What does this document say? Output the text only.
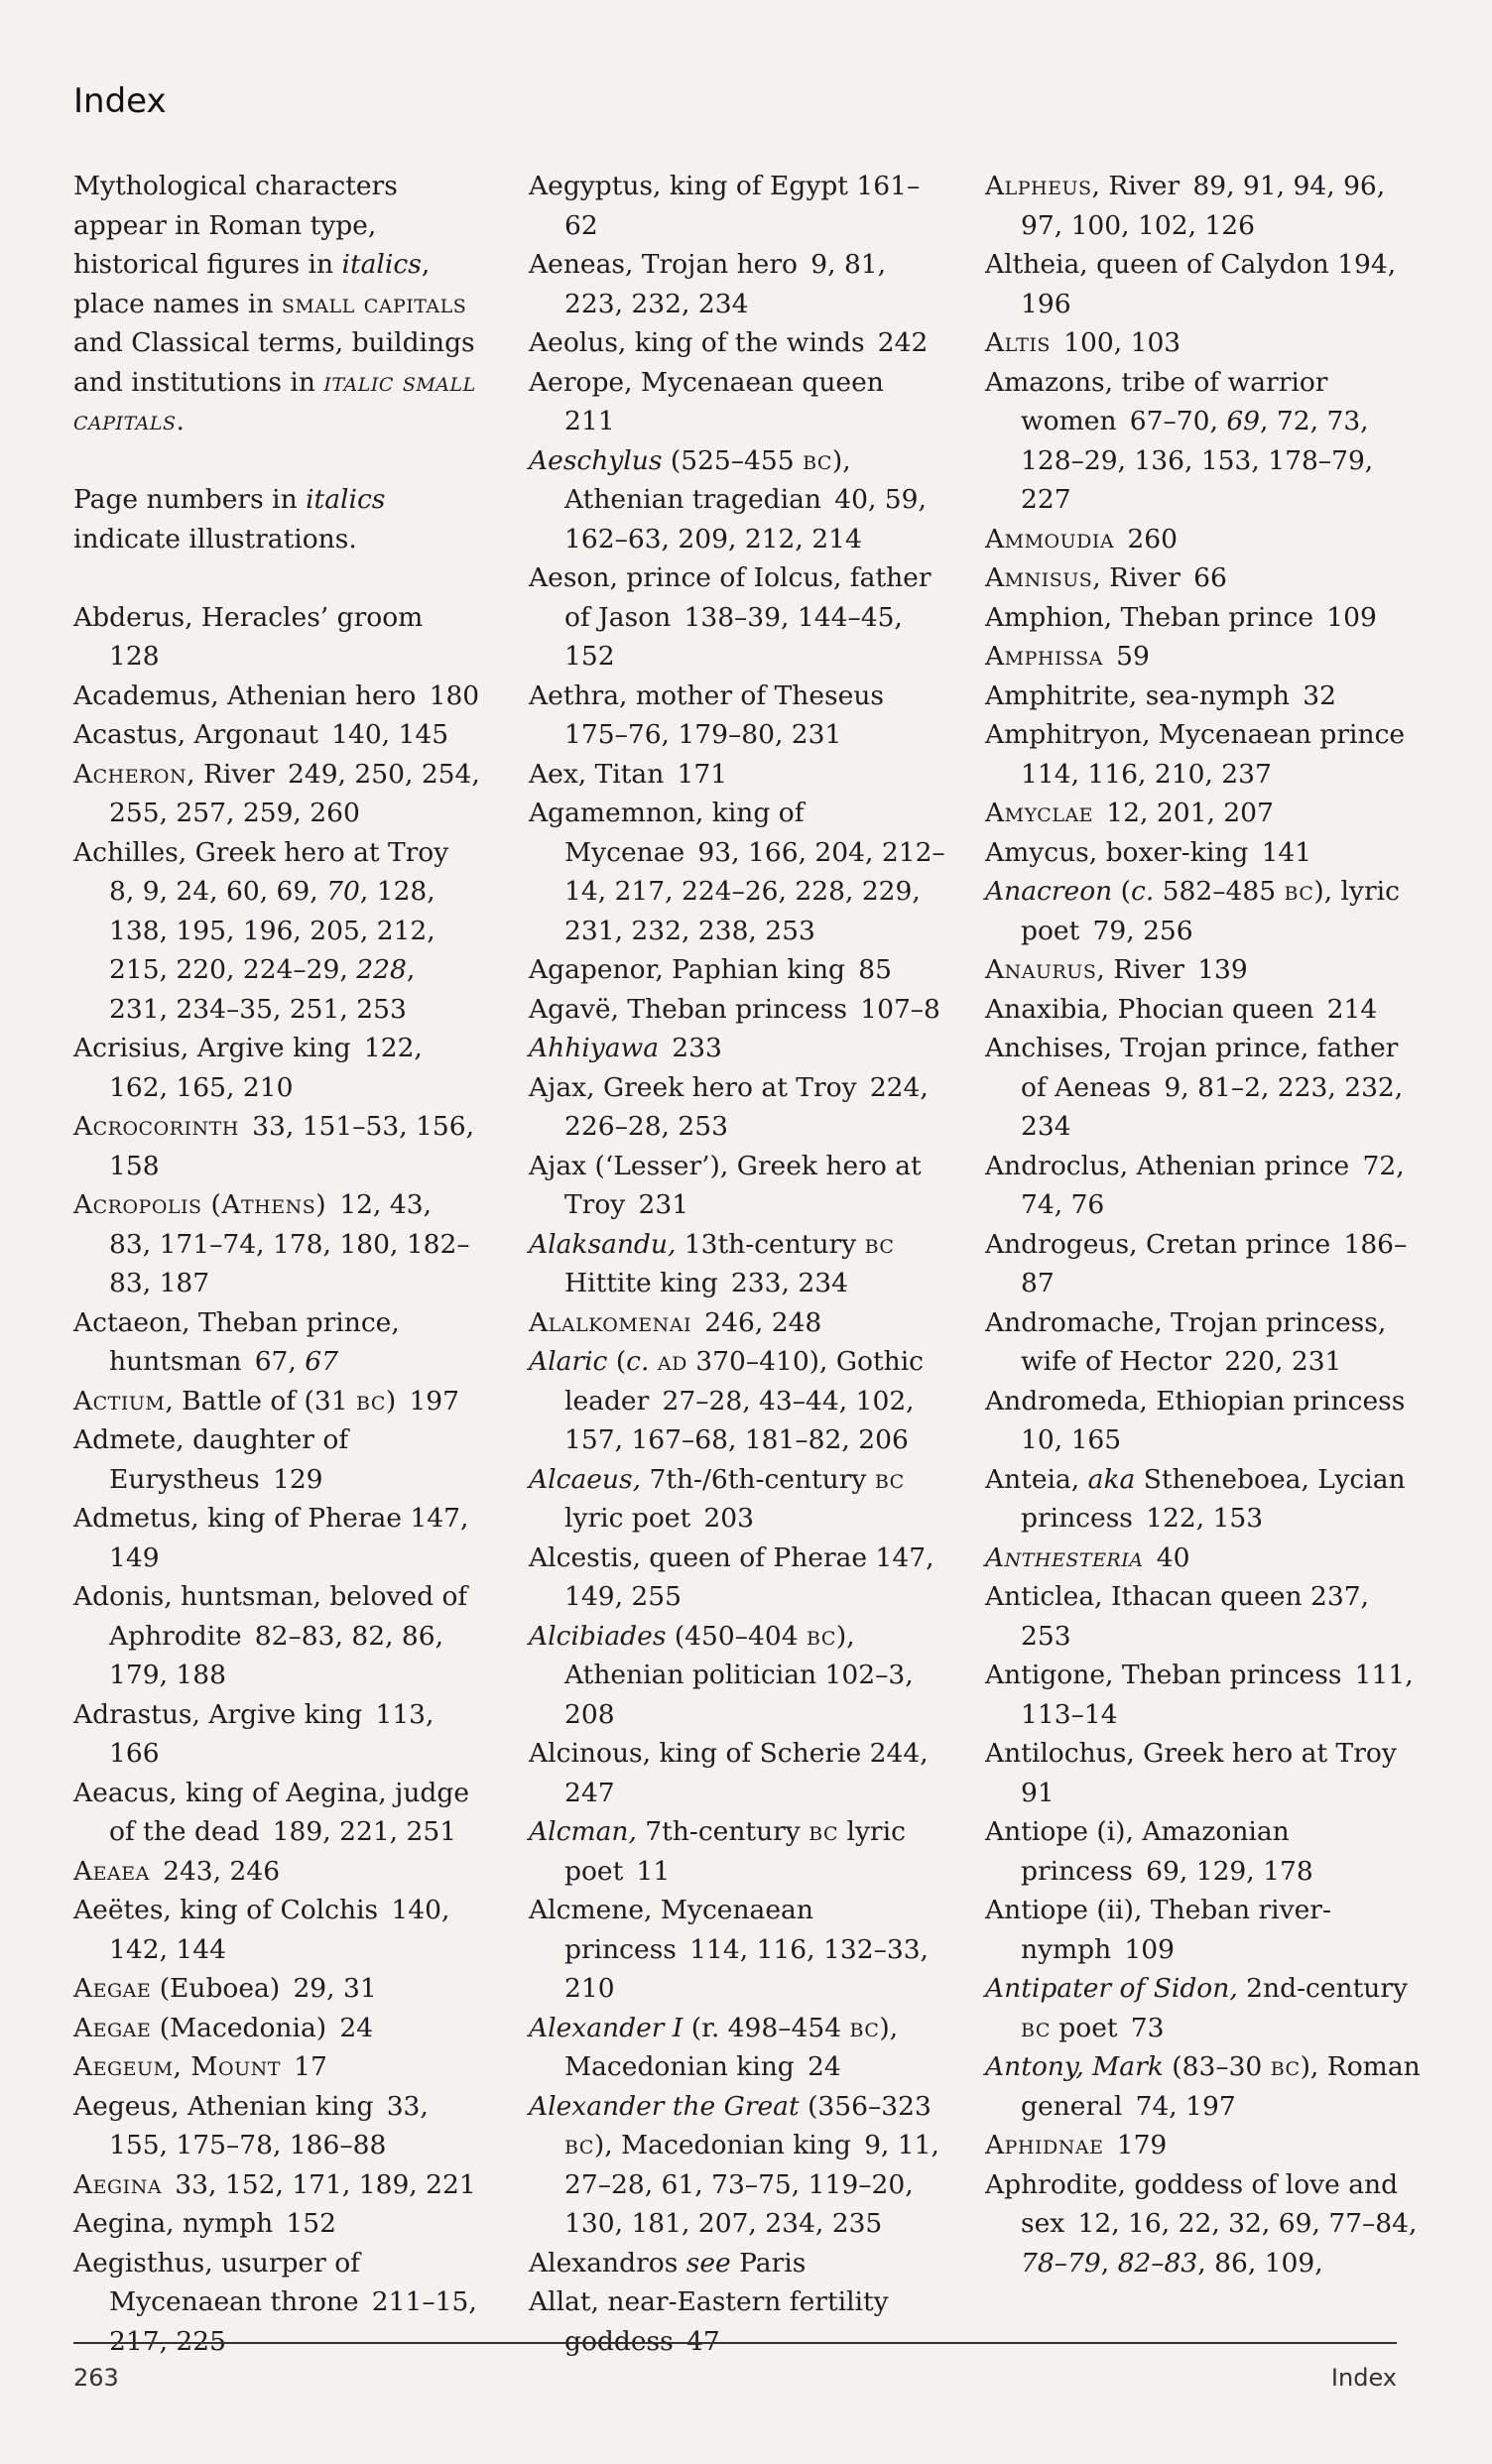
Index

Mythological characters appear in Roman type, historical figures in italics, place names in small capitals and Classical terms, buildings and institutions in italic small capitals.

Page numbers in italics indicate illustrations.

Abderus, Heracles’ groom 128
Academus, Athenian hero 180
Acastus, Argonaut 140, 145
Acheron, River 249, 250, 254, 255, 257, 259, 260
Achilles, Greek hero at Troy 8, 9, 24, 60, 69, 70, 128, 138, 195, 196, 205, 212, 215, 220, 224–29, 228, 231, 234–35, 251, 253
Acrisius, Argive king 122, 162, 165, 210
Acrocorinth 33, 151–53, 156, 158
Acropolis (Athens) 12, 43, 83, 171–74, 178, 180, 182–83, 187
Actaeon, Theban prince, huntsman 67, 67
Actium, Battle of (31 bc) 197
Admete, daughter of Eurystheus 129
Admetus, king of Pherae 147, 149
Adonis, huntsman, beloved of Aphrodite 82–83, 82, 86, 179, 188
Adrastus, Argive king 113, 166
Aeacus, king of Aegina, judge of the dead 189, 221, 251
Aeaea 243, 246
Aeëtes, king of Colchis 140, 142, 144
Aegae (Euboea) 29, 31
Aegae (Macedonia) 24
Aegeum, Mount 17
Aegeus, Athenian king 33, 155, 175–78, 186–88
Aegina 33, 152, 171, 189, 221
Aegina, nymph 152
Aegisthus, usurper of Mycenaean throne 211–15, 217, 225
Aegyptus, king of Egypt 161–62
Aeneas, Trojan hero 9, 81, 223, 232, 234
Aeolus, king of the winds 242
Aerope, Mycenaean queen 211
Aeschylus (525–455 bc), Athenian tragedian 40, 59, 162–63, 209, 212, 214
Aeson, prince of Iolcus, father of Jason 138–39, 144–45, 152
Aethra, mother of Theseus 175–76, 179–80, 231
Aex, Titan 171
Agamemnon, king of Mycenae 93, 166, 204, 212–14, 217, 224–26, 228, 229, 231, 232, 238, 253
Agapenor, Paphian king 85
Agavë, Theban princess 107–8
Ahhiyawa 233
Ajax, Greek hero at Troy 224, 226–28, 253
Ajax (‘Lesser’), Greek hero at Troy 231
Alaksandu, 13th-century bc Hittite king 233, 234
Alalkomenai 246, 248
Alaric (c. ad 370–410), Gothic leader 27–28, 43–44, 102, 157, 167–68, 181–82, 206
Alcaeus, 7th-/6th-century bc lyric poet 203
Alcestis, queen of Pherae 147, 149, 255
Alcibiades (450–404 bc), Athenian politician 102–3, 208
Alcinous, king of Scherie 244, 247
Alcman, 7th-century bc lyric poet 11
Alcmene, Mycenaean princess 114, 116, 132–33, 210
Alexander I (r. 498–454 bc), Macedonian king 24
Alexander the Great (356–323 bc), Macedonian king 9, 11, 27–28, 61, 73–75, 119–20, 130, 181, 207, 234, 235
Alexandros see Paris
Allat, near-Eastern fertility goddess 47
Alpheus, River 89, 91, 94, 96, 97, 100, 102, 126
Altheia, queen of Calydon 194, 196
Altis 100, 103
Amazons, tribe of warrior women 67–70, 69, 72, 73, 128–29, 136, 153, 178–79, 227
Ammoudia 260
Amnisus, River 66
Amphion, Theban prince 109
Amphissa 59
Amphitrite, sea-nymph 32
Amphitryon, Mycenaean prince 114, 116, 210, 237
Amyclae 12, 201, 207
Amycus, boxer-king 141
Anacreon (c. 582–485 bc), lyric poet 79, 256
Anaurus, River 139
Anaxibia, Phocian queen 214
Anchises, Trojan prince, father of Aeneas 9, 81–2, 223, 232, 234
Androclus, Athenian prince 72, 74, 76
Androgeus, Cretan prince 186–87
Andromache, Trojan princess, wife of Hector 220, 231
Andromeda, Ethiopian princess 10, 165
Anteia, aka Stheneboea, Lycian princess 122, 153
Anthesteria 40
Anticlea, Ithacan queen 237, 253
Antigone, Theban princess 111, 113–14
Antilochus, Greek hero at Troy 91
Antiope (i), Amazonian princess 69, 129, 178
Antiope (ii), Theban river-nymph 109
Antipater of Sidon, 2nd-century bc poet 73
Antony, Mark (83–30 bc), Roman general 74, 197
Aphidnae 179
Aphrodite, goddess of love and sex 12, 16, 22, 32, 69, 77–84, 78–79, 82–83, 86, 109,
263	Index
